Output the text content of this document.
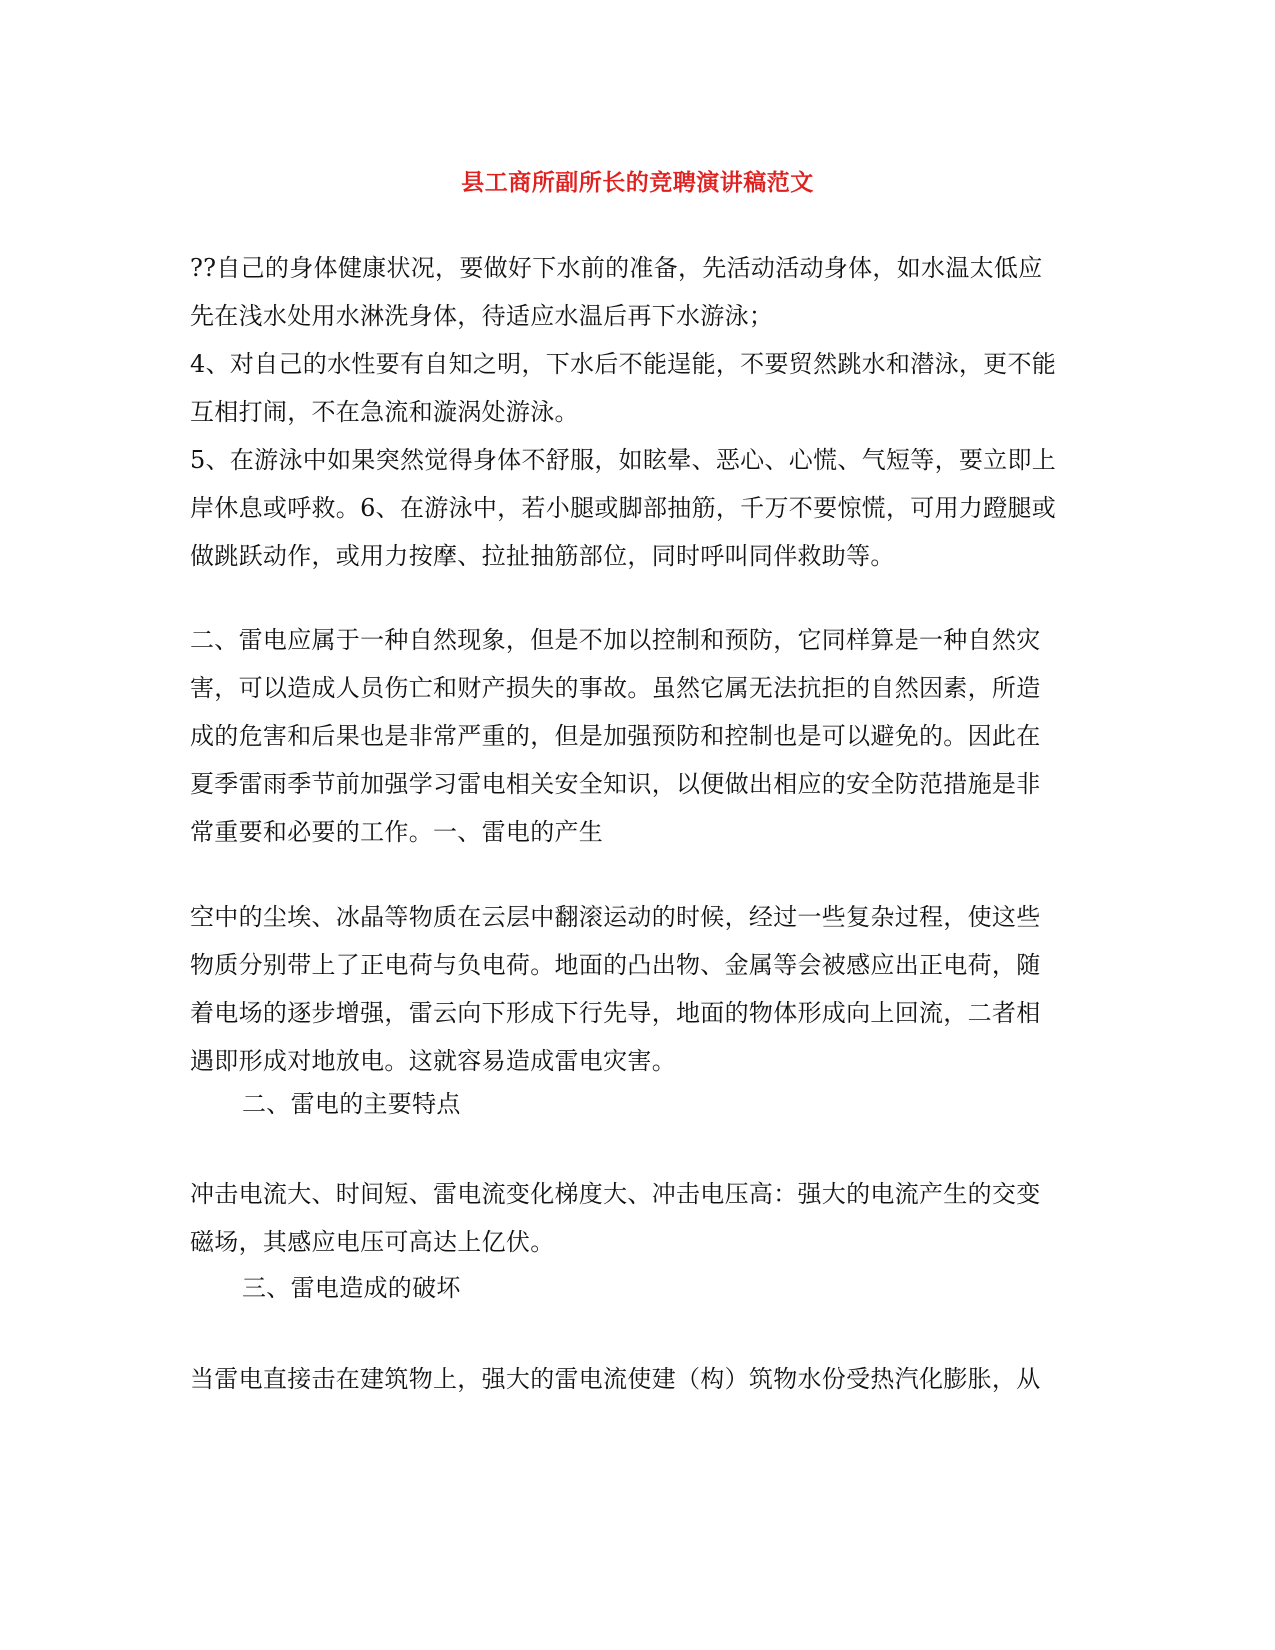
县工商所副所长的竞聘演讲稿范文

??自己的身体健康状况，要做好下水前的准备，先活动活动身体，如水温太低应
先在浅水处用水淋洗身体，待适应水温后再下水游泳；

4、对自己的水性要有自知之明，下水后不能逞能，不要贸然跳水和潜泳，更不能
互相打闹，不在急流和漩涡处游泳。

5、在游泳中如果突然觉得身体不舒服，如眩晕、恶心、心慌、气短等，要立即上
岸休息或呼救。6、在游泳中，若小腿或脚部抽筋，千万不要惊慌，可用力蹬腿或
做跳跃动作，或用力按摩、拉扯抽筋部位，同时呼叫同伴救助等。

二、雷电应属于一种自然现象，但是不加以控制和预防，它同样算是一种自然灾
害，可以造成人员伤亡和财产损失的事故。虽然它属无法抗拒的自然因素，所造
成的危害和后果也是非常严重的，但是加强预防和控制也是可以避免的。因此在
夏季雷雨季节前加强学习雷电相关安全知识，以便做出相应的安全防范措施是非
常重要和必要的工作。一、雷电的产生

空中的尘埃、冰晶等物质在云层中翻滚运动的时候，经过一些复杂过程，使这些
物质分别带上了正电荷与负电荷。地面的凸出物、金属等会被感应出正电荷，随
着电场的逐步增强，雷云向下形成下行先导，地面的物体形成向上回流，二者相
遇即形成对地放电。这就容易造成雷电灾害。

二、雷电的主要特点

冲击电流大、时间短、雷电流变化梯度大、冲击电压高：强大的电流产生的交变
磁场，其感应电压可高达上亿伏。

三、雷电造成的破坏

当雷电直接击在建筑物上，强大的雷电流使建（构）筑物水份受热汽化膨胀，从
